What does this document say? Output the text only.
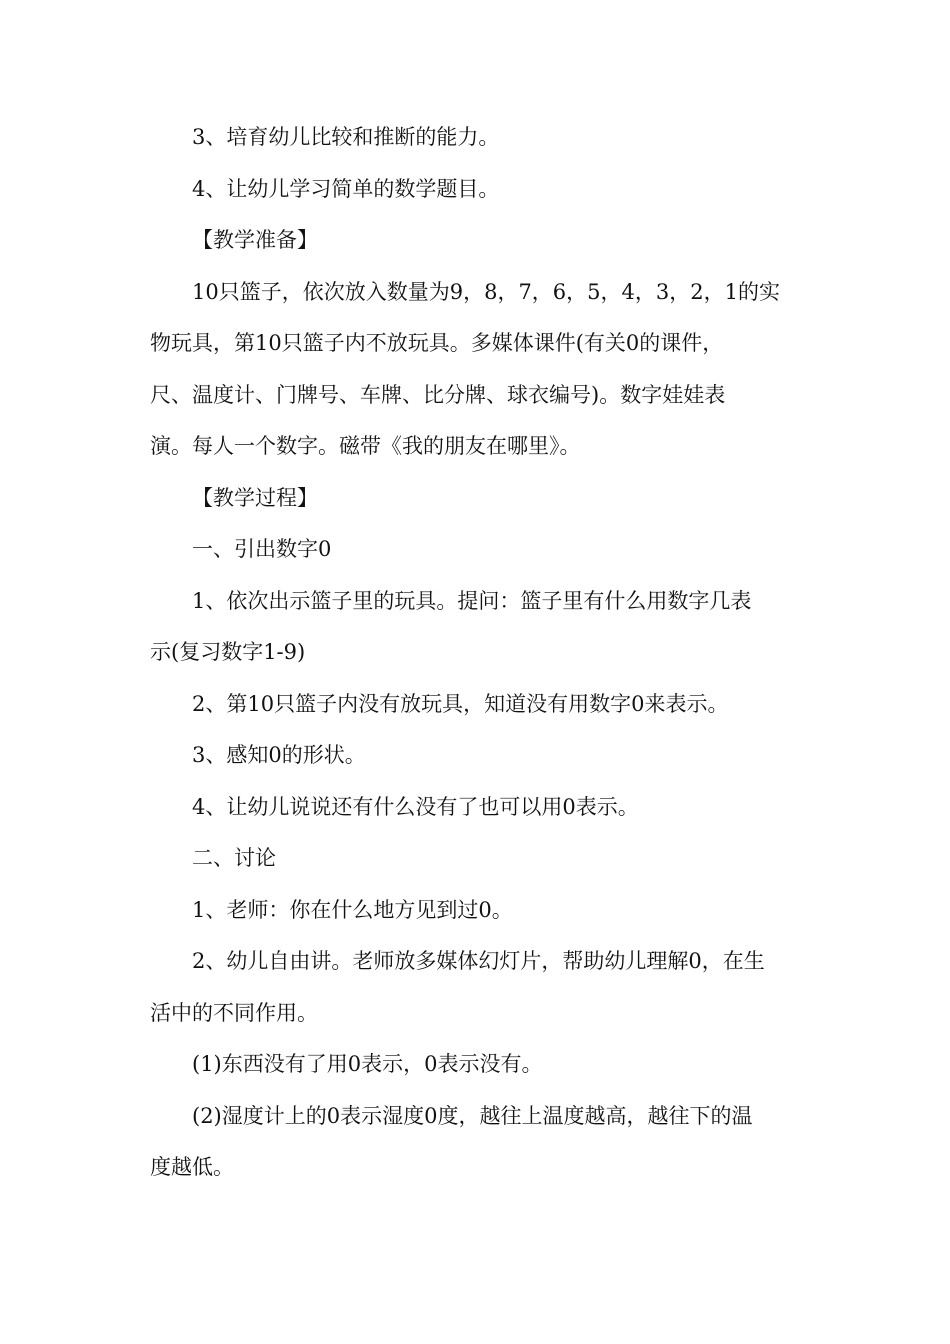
3、培育幼儿比较和推断的能力。

4、让幼儿学习简单的数学题目。

【教学准备】

10只篮子，依次放入数量为9，8，7，6，5，4，3，2，1的实
物玩具，第10只篮子内不放玩具。多媒体课件(有关0的课件，
尺、温度计、门牌号、车牌、比分牌、球衣编号)。数字娃娃表
演。每人一个数字。磁带《我的朋友在哪里》。

【教学过程】

一、引出数字0

1、依次出示篮子里的玩具。提问：篮子里有什么用数字几表
示(复习数字1-9)

2、第10只篮子内没有放玩具，知道没有用数字0来表示。

3、感知0的形状。

4、让幼儿说说还有什么没有了也可以用0表示。

二、讨论

1、老师：你在什么地方见到过0。

2、幼儿自由讲。老师放多媒体幻灯片，帮助幼儿理解0，在生
活中的不同作用。

(1)东西没有了用0表示，0表示没有。

(2)湿度计上的0表示湿度0度，越往上温度越高，越往下的温
度越低。
